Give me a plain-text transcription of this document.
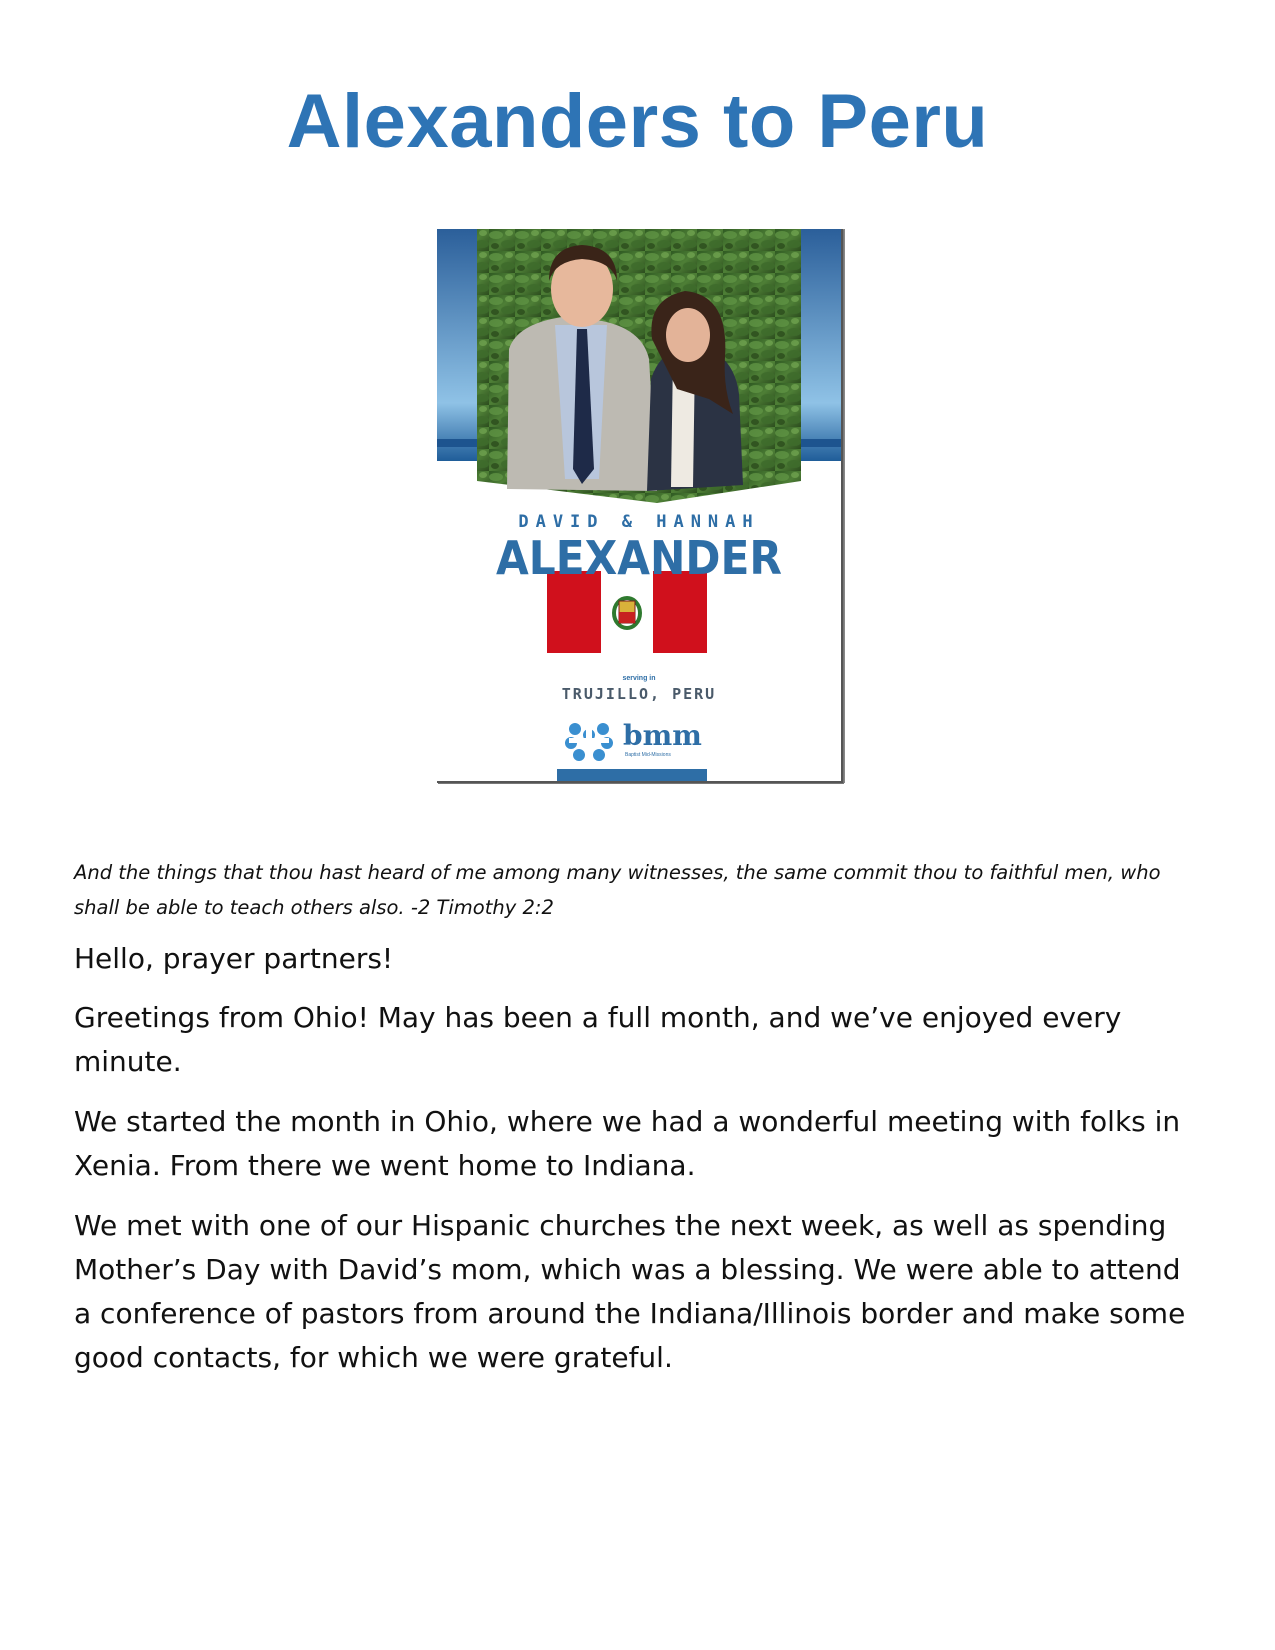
Alexanders to Peru
DAVID & HANNAH
ALEXANDER
serving in
TRUJILLO, PERU
bmm
Baptist Mid-Missions

And the things that thou hast heard of me among many witnesses, the same commit thou to faithful men, who shall be able to teach others also. -2 Timothy 2:2

Hello, prayer partners!

Greetings from Ohio! May has been a full month, and we’ve enjoyed every minute.

We started the month in Ohio, where we had a wonderful meeting with folks in Xenia. From there we went home to Indiana.

We met with one of our Hispanic churches the next week, as well as spending Mother’s Day with David’s mom, which was a blessing. We were able to attend a conference of pastors from around the Indiana/Illinois border and make some good contacts, for which we were grateful.
